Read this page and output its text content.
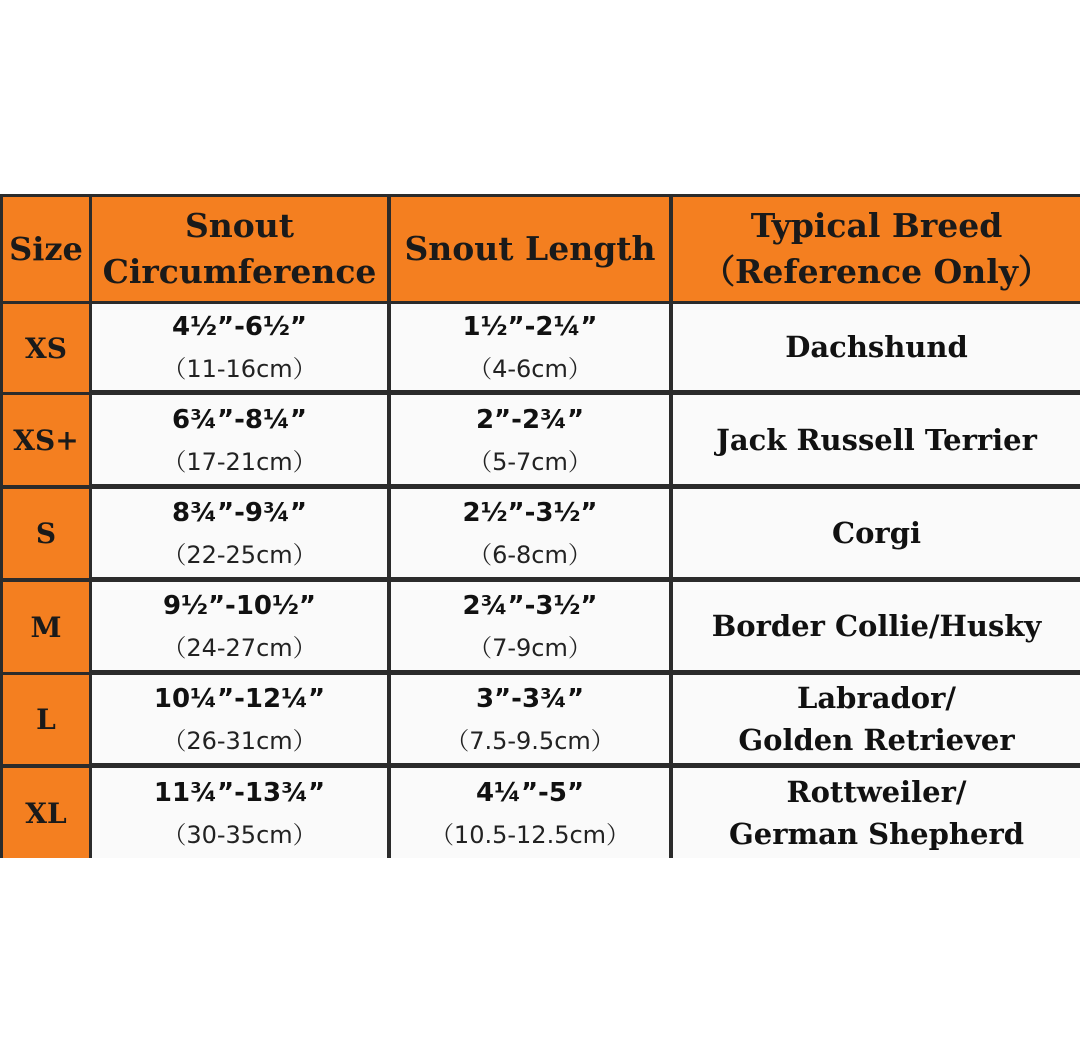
Size
Snout
Circumference
Snout Length
Typical Breed
（Reference Only）
XS
4½”-6½”
（11-16cm）
1½”-2¼”
（4-6cm）
Dachshund
XS+
6¾”-8¼”
（17-21cm）
2”-2¾”
（5-7cm）
Jack Russell Terrier
S
8¾”-9¾”
（22-25cm）
2½”-3½”
（6-8cm）
Corgi
M
9½”-10½”
（24-27cm）
2¾”-3½”
（7-9cm）
Border Collie/Husky
L
10¼”-12¼”
（26-31cm）
3”-3¾”
（7.5-9.5cm）
Labrador/
Golden Retriever
XL
11¾”-13¾”
（30-35cm）
4¼”-5”
（10.5-12.5cm）
Rottweiler/
German Shepherd
